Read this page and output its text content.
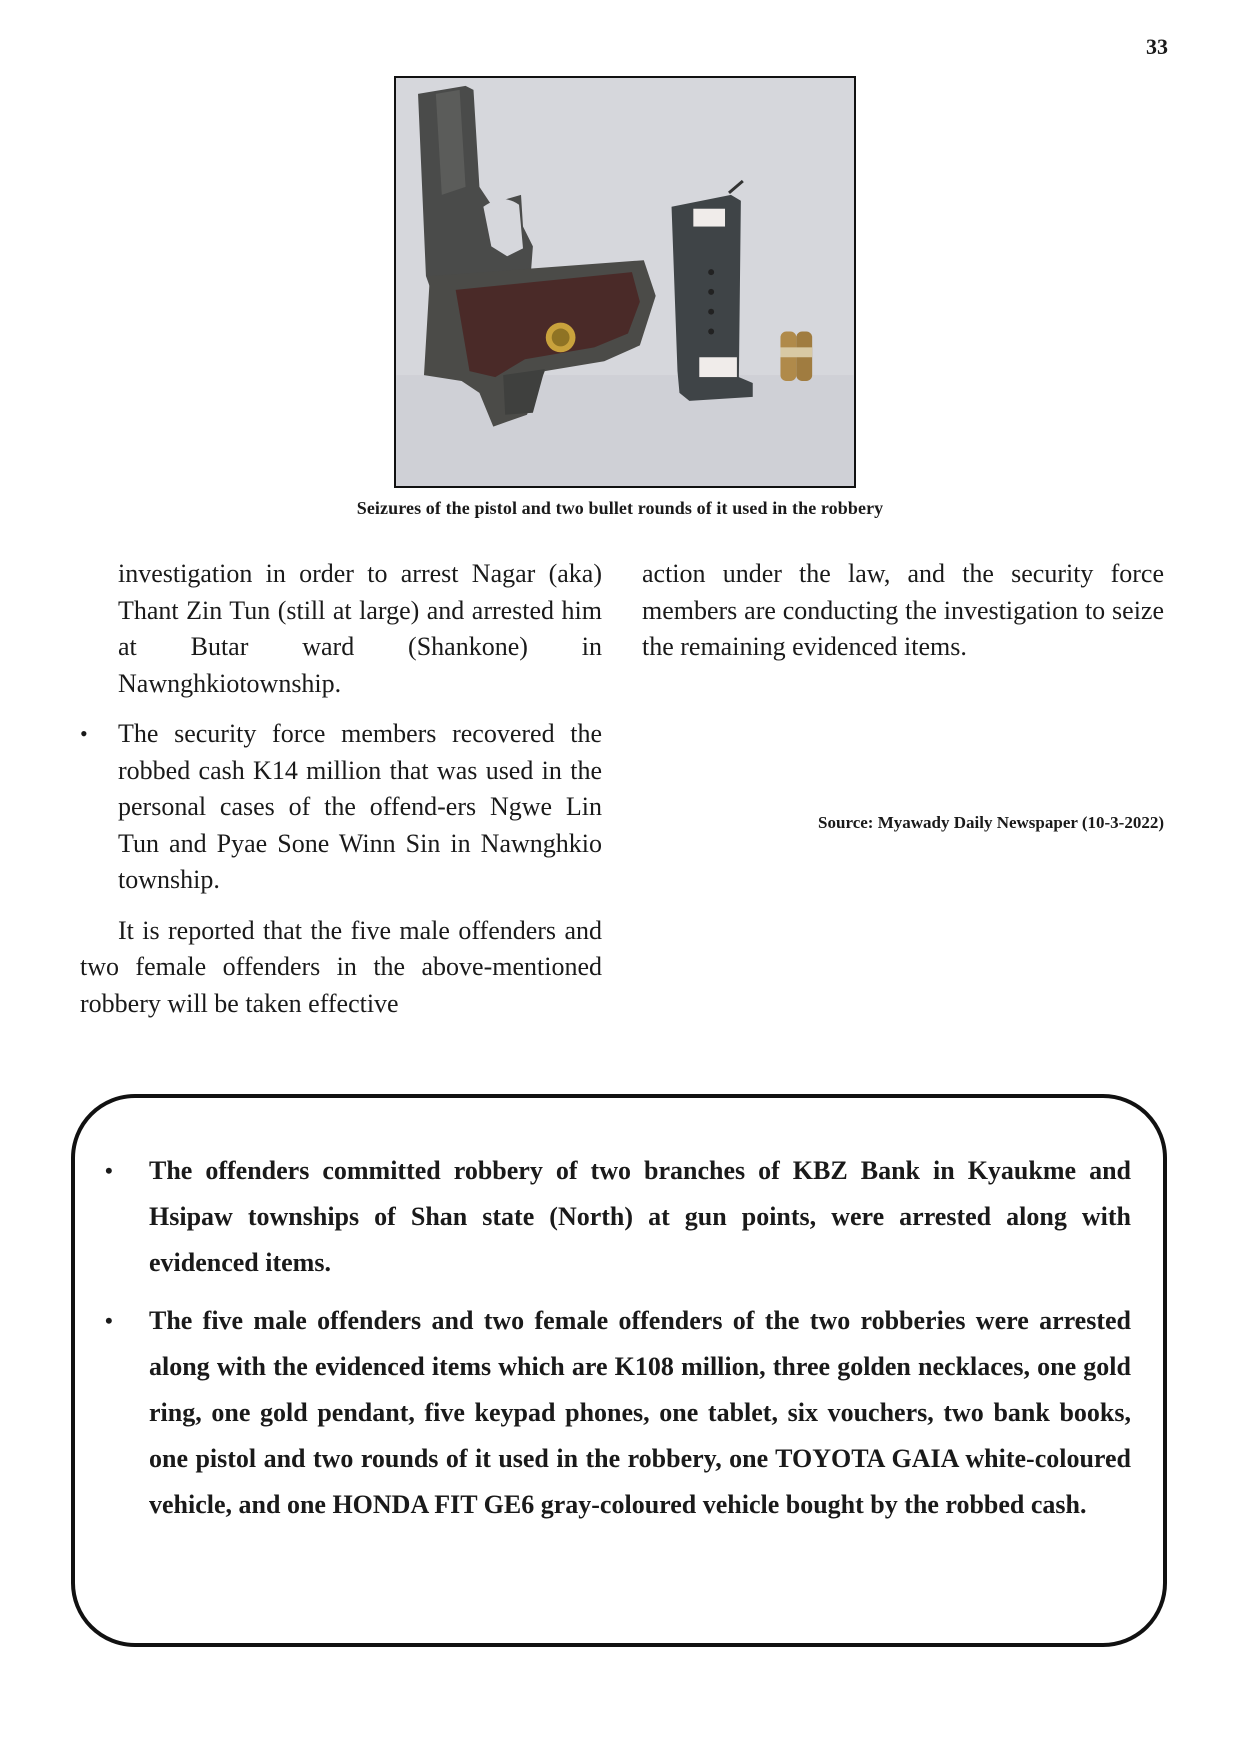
33
Seizures of the pistol and two bullet rounds of it used in the robbery

investigation in order to arrest Nagar (aka) Thant Zin Tun (still at large) and arrested him at Butar ward (Shankone) in Nawnghkiotownship.

•	The security force members recovered the robbed cash K14 million that was used in the personal cases of the offend-ers Ngwe Lin Tun and Pyae Sone Winn Sin in Nawnghkio township.

It is reported that the five male offenders and two female offenders in the above-mentioned robbery will be taken effective

action under the law, and the security force members are conducting the investigation to seize the remaining evidenced items.

Source: Myawady Daily Newspaper (10-3-2022)
•	The offenders committed robbery of two branches of KBZ Bank in Kyaukme and Hsipaw townships of Shan state (North) at gun points, were arrested along with evidenced items.
•	The five male offenders and two female offenders of the two robberies were arrested along with the evidenced items which are K108 million, three golden necklaces, one gold ring, one gold pendant, five keypad phones, one tablet, six vouchers, two bank books, one pistol and two rounds of it used in the robbery, one TOYOTA GAIA white-coloured vehicle, and one HONDA FIT GE6 gray-coloured vehicle bought by the robbed cash.
